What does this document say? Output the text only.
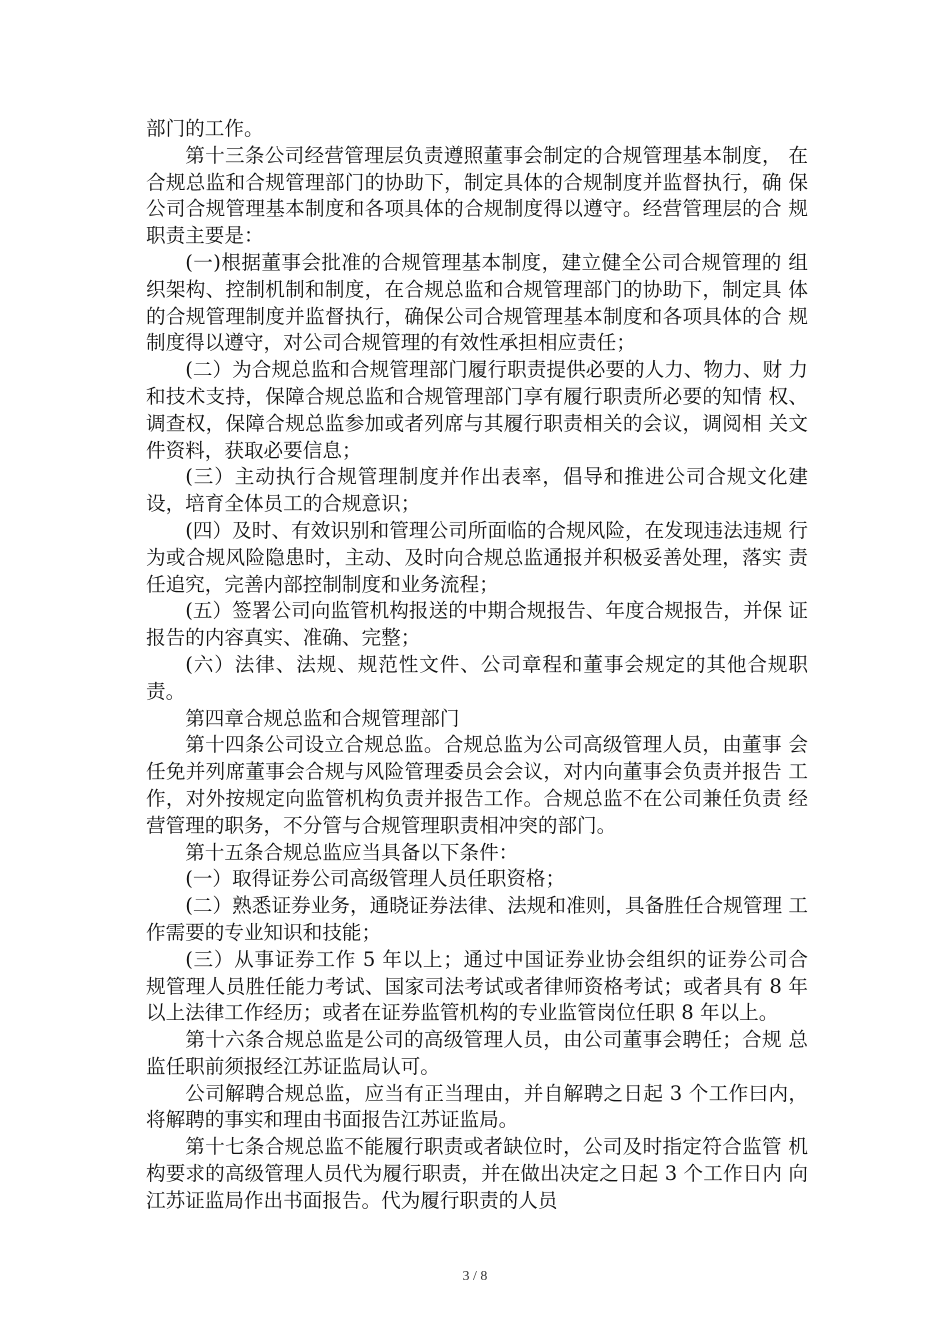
部门的工作。

第十三条公司经营管理层负责遵照董事会制定的合规管理基本制度， 在合规总监和合规管理部门的协助下，制定具体的合规制度并监督执行，确 保公司合规管理基本制度和各项具体的合规制度得以遵守。经营管理层的合 规职责主要是：

(一)根据董事会批准的合规管理基本制度，建立健全公司合规管理的 组织架构、控制机制和制度，在合规总监和合规管理部门的协助下，制定具 体的合规管理制度并监督执行，确保公司合规管理基本制度和各项具体的合 规制度得以遵守，对公司合规管理的有效性承担相应责任；

(二）为合规总监和合规管理部门履行职责提供必要的人力、物力、财 力和技术支持，保障合规总监和合规管理部门享有履行职责所必要的知情 权、调查权，保障合规总监参加或者列席与其履行职责相关的会议，调阅相 关文件资料，获取必要信息；

(三）主动执行合规管理制度并作出表率，倡导和推进公司合规文化建 设，培育全体员工的合规意识；

(四）及时、有效识别和管理公司所面临的合规风险，在发现违法违规 行为或合规风险隐患时，主动、及时向合规总监通报并积极妥善处理，落实 责任追究，完善内部控制制度和业务流程；

(五）签署公司向监管机构报送的中期合规报告、年度合规报告，并保 证报告的内容真实、准确、完整；

(六）法律、法规、规范性文件、公司章程和董事会规定的其他合规职责。

第四章合规总监和合规管理部门

第十四条公司设立合规总监。合规总监为公司高级管理人员，由董事 会任免并列席董事会合规与风险管理委员会会议，对内向董事会负责并报告 工作，对外按规定向监管机构负责并报告工作。合规总监不在公司兼任负责 经营管理的职务，不分管与合规管理职责相冲突的部门。

第十五条合规总监应当具备以下条件：

(一）取得证券公司高级管理人员任职资格；

(二）熟悉证券业务，通晓证券法律、法规和准则，具备胜任合规管理 工作需要的专业知识和技能；

(三）从事证券工作 5 年以上；通过中国证券业协会组织的证券公司合 规管理人员胜任能力考试、国家司法考试或者律师资格考试；或者具有 8 年 以上法律工作经历；或者在证券监管机构的专业监管岗位任职 8 年以上。

第十六条合规总监是公司的高级管理人员，由公司董事会聘任；合规 总监任职前须报经江苏证监局认可。

公司解聘合规总监，应当有正当理由，并自解聘之日起 3 个工作曰内， 将解聘的事实和理由书面报告江苏证监局。

第十七条合规总监不能履行职责或者缺位时，公司及时指定符合监管 机构要求的高级管理人员代为履行职责，并在做出决定之日起 3 个工作日内 向江苏证监局作出书面报告。代为履行职责的人员

3 / 8
